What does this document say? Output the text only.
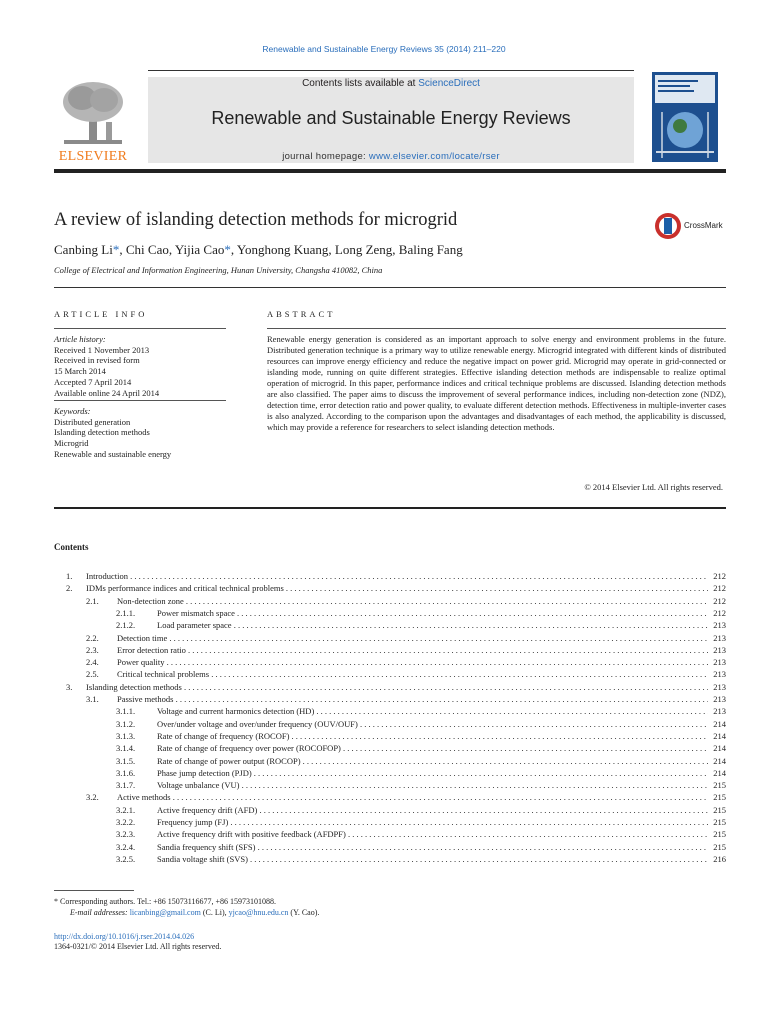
Renewable and Sustainable Energy Reviews 35 (2014) 211–220
ELSEVIER
Contents lists available at ScienceDirect
Renewable and Sustainable Energy Reviews
journal homepage: www.elsevier.com/locate/rser
A review of islanding detection methods for microgrid	CrossMark
Canbing Li*, Chi Cao, Yijia Cao*, Yonghong Kuang, Long Zeng, Baling Fang
College of Electrical and Information Engineering, Hunan University, Changsha 410082, China
ARTICLE INFO
Article history:
Received 1 November 2013
Received in revised form
15 March 2014
Accepted 7 April 2014
Available online 24 April 2014
Keywords:
Distributed generation
Islanding detection methods
Microgrid
Renewable and sustainable energy
ABSTRACT
Renewable energy generation is considered as an important approach to solve energy and environment problems in the future. Distributed generation technique is a primary way to utilize renewable energy. Microgrid integrated with different kinds of distributed resources can improve energy efficiency and reduce the negative impact on power grid. Microgrid may operate in grid-connected or islanding mode, running on quite different strategies. Effective islanding detection methods are indispensable to realize optimal operation of microgrid. In this paper, performance indices and critical technique problems are discussed. Islanding detection methods are also classified. The paper aims to discuss the improvement of several performance indices, including non-detection zone (NDZ), detection time, error detection ratio and power quality, to evaluate different detection methods. Effectiveness in multiple-inverter cases is also analyzed. According to the comparison upon the advantages and disadvantages of each method, the applicability is discussed, which may provide a reference for researchers to select islanding detection methods.
© 2014 Elsevier Ltd. All rights reserved.
Contents
1. Introduction . . .	212
2. IDMs performance indices and critical technical problems . . .	212
2.1. Non-detection zone . . .	212
2.1.1.	Power mismatch space . . .	212
2.1.2.	Load parameter space . . .	213
2.2. Detection time . . .	213
2.3. Error detection ratio . . .	213
2.4. Power quality . . .	213
2.5. Critical technical problems . . .	213
3. Islanding detection methods . . .	213
3.1. Passive methods . . .	213
3.1.1.	Voltage and current harmonics detection (HD) . . .	213
3.1.2.	Over/under voltage and over/under frequency (OUV/OUF) . . .	214
3.1.3.	Rate of change of frequency (ROCOF) . . .	214
3.1.4.	Rate of change of frequency over power (ROCOFOP) . . .	214
3.1.5.	Rate of change of power output (ROCOP) . . .	214
3.1.6.	Phase jump detection (PJD) . . .	214
3.1.7.	Voltage unbalance (VU) . . .	215
3.2. Active methods . . .	215
3.2.1.	Active frequency drift (AFD) . . .	215
3.2.2.	Frequency jump (FJ) . . .	215
3.2.3.	Active frequency drift with positive feedback (AFDPF) . . .	215
3.2.4.	Sandia frequency shift (SFS) . . .	215
3.2.5.	Sandia voltage shift (SVS) . . .	216
* Corresponding authors. Tel.: +86 15073116677, +86 15973101088.
E-mail addresses: licanbing@gmail.com (C. Li), yjcao@hnu.edu.cn (Y. Cao).
http://dx.doi.org/10.1016/j.rser.2014.04.026
1364-0321/© 2014 Elsevier Ltd. All rights reserved.
